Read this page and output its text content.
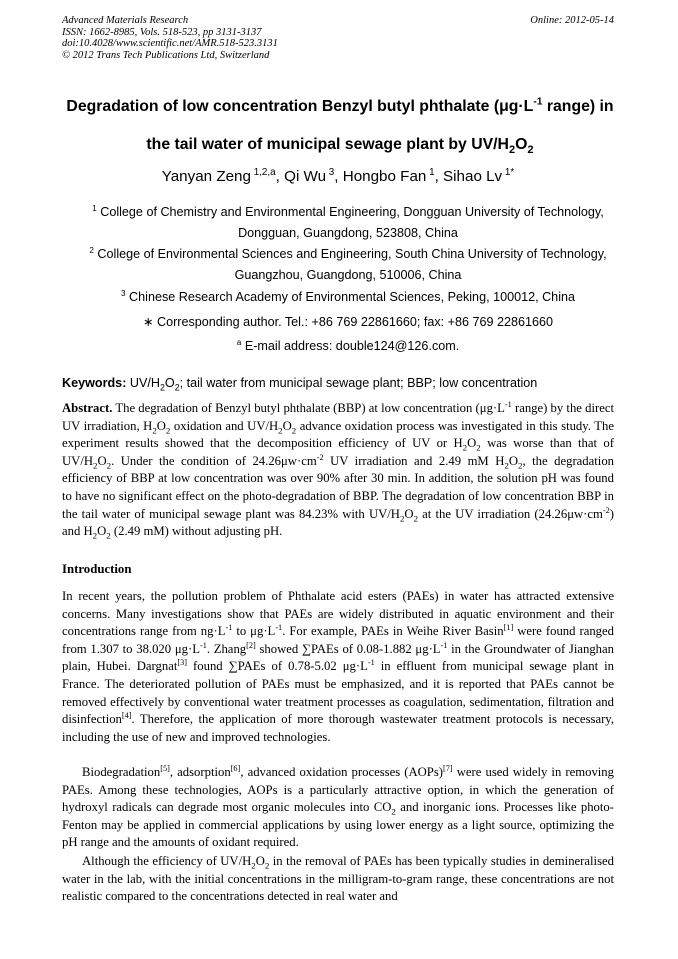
Advanced Materials Research
ISSN: 1662-8985, Vols. 518-523, pp 3131-3137
doi:10.4028/www.scientific.net/AMR.518-523.3131
© 2012 Trans Tech Publications Ltd, Switzerland
Online: 2012-05-14
Degradation of low concentration Benzyl butyl phthalate ($\mu g\cdot L^{-1}$ range) in
the tail water of municipal sewage plant by $UV/H_2O_2$
Yanyan Zeng $^{1,2,a}$, Qi Wu $^3$, Hongbo Fan $^1$, Sihao Lv $^{1*}$
$^1$ College of Chemistry and Environmental Engineering, Dongguan University of Technology,
Dongguan, Guangdong, 523808, China
$^2$ College of Environmental Sciences and Engineering, South China University of Technology,
Guangzhou, Guangdong, 510006, China
$^3$ Chinese Research Academy of Environmental Sciences, Peking, 100012, China
∗ Corresponding author. Tel.: +86 769 22861660; fax: +86 769 22861660
$^a$ E-mail address: double124@126.com.
Keywords: $UV/H_2O_2$; tail water from municipal sewage plant; BBP; low concentration
Abstract. The degradation of Benzyl butyl phthalate (BBP) at low concentration ($\mu g\cdot L^{-1}$ range) by the direct UV irradiation, $H_2O_2$ oxidation and $UV/H_2O_2$ advance oxidation process was investigated in this study. The experiment results showed that the decomposition efficiency of UV or $H_2O_2$ was worse than that of $UV/H_2O_2$. Under the condition of $24.26\mu w\cdot cm^{-2}$ UV irradiation and 2.49 mM $H_2O_2$, the degradation efficiency of BBP at low concentration was over 90% after 30 min. In addition, the solution pH was found to have no significant effect on the photo-degradation of BBP. The degradation of low concentration BBP in the tail water of municipal sewage plant was 84.23% with $UV/H_2O_2$ at the UV irradiation $(24.26\mu w\cdot cm^{-2})$ and $H_2O_2$ (2.49 mM) without adjusting pH.
Introduction
In recent years, the pollution problem of Phthalate acid esters (PAEs) in water has attracted extensive concerns. Many investigations show that PAEs are widely distributed in aquatic environment and their concentrations range from $ng\cdot L^{-1}$ to $\mu g\cdot L^{-1}$. For example, PAEs in Weihe River Basin[1] were found ranged from 1.307 to 38.020 $\mu g\cdot L^{-1}$. Zhang[2] showed ∑PAEs of 0.08-1.882 $\mu g\cdot L^{-1}$ in the Groundwater of Jianghan plain, Hubei. Dargnat[3] found ∑PAEs of 0.78-5.02 $\mu g\cdot L^{-1}$ in effluent from municipal sewage plant in France. The deteriorated pollution of PAEs must be emphasized, and it is reported that PAEs cannot be removed effectively by conventional water treatment processes as coagulation, sedimentation, filtration and disinfection[4]. Therefore, the application of more thorough wastewater treatment protocols is necessary, including the use of new and improved technologies.
Biodegradation[5], adsorption[6], advanced oxidation processes (AOPs)[7] were used widely in removing PAEs. Among these technologies, AOPs is a particularly attractive option, in which the generation of hydroxyl radicals can degrade most organic molecules into $CO_2$ and inorganic ions. Processes like photo-Fenton may be applied in commercial applications by using lower energy as a light source, optimizing the pH range and the amounts of oxidant required.
Although the efficiency of $UV/H_2O_2$ in the removal of PAEs has been typically studies in demineralised water in the lab, with the initial concentrations in the milligram-to-gram range, these concentrations are not realistic compared to the concentrations detected in real water and
